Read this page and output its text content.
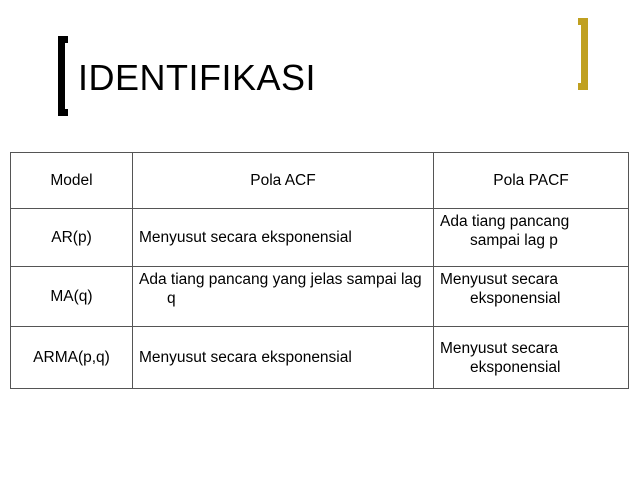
IDENTIFIKASI
Model	Pola ACF	Pola PACF
AR(p)	Menyusut secara eksponensial	Ada tiang pancang sampai lag p

MA(q)	Ada tiang pancang yang jelas sampai lag q	Menyusut secara eksponensial

ARMA(p,q)	Menyusut secara eksponensial	Menyusut secara eksponensial
